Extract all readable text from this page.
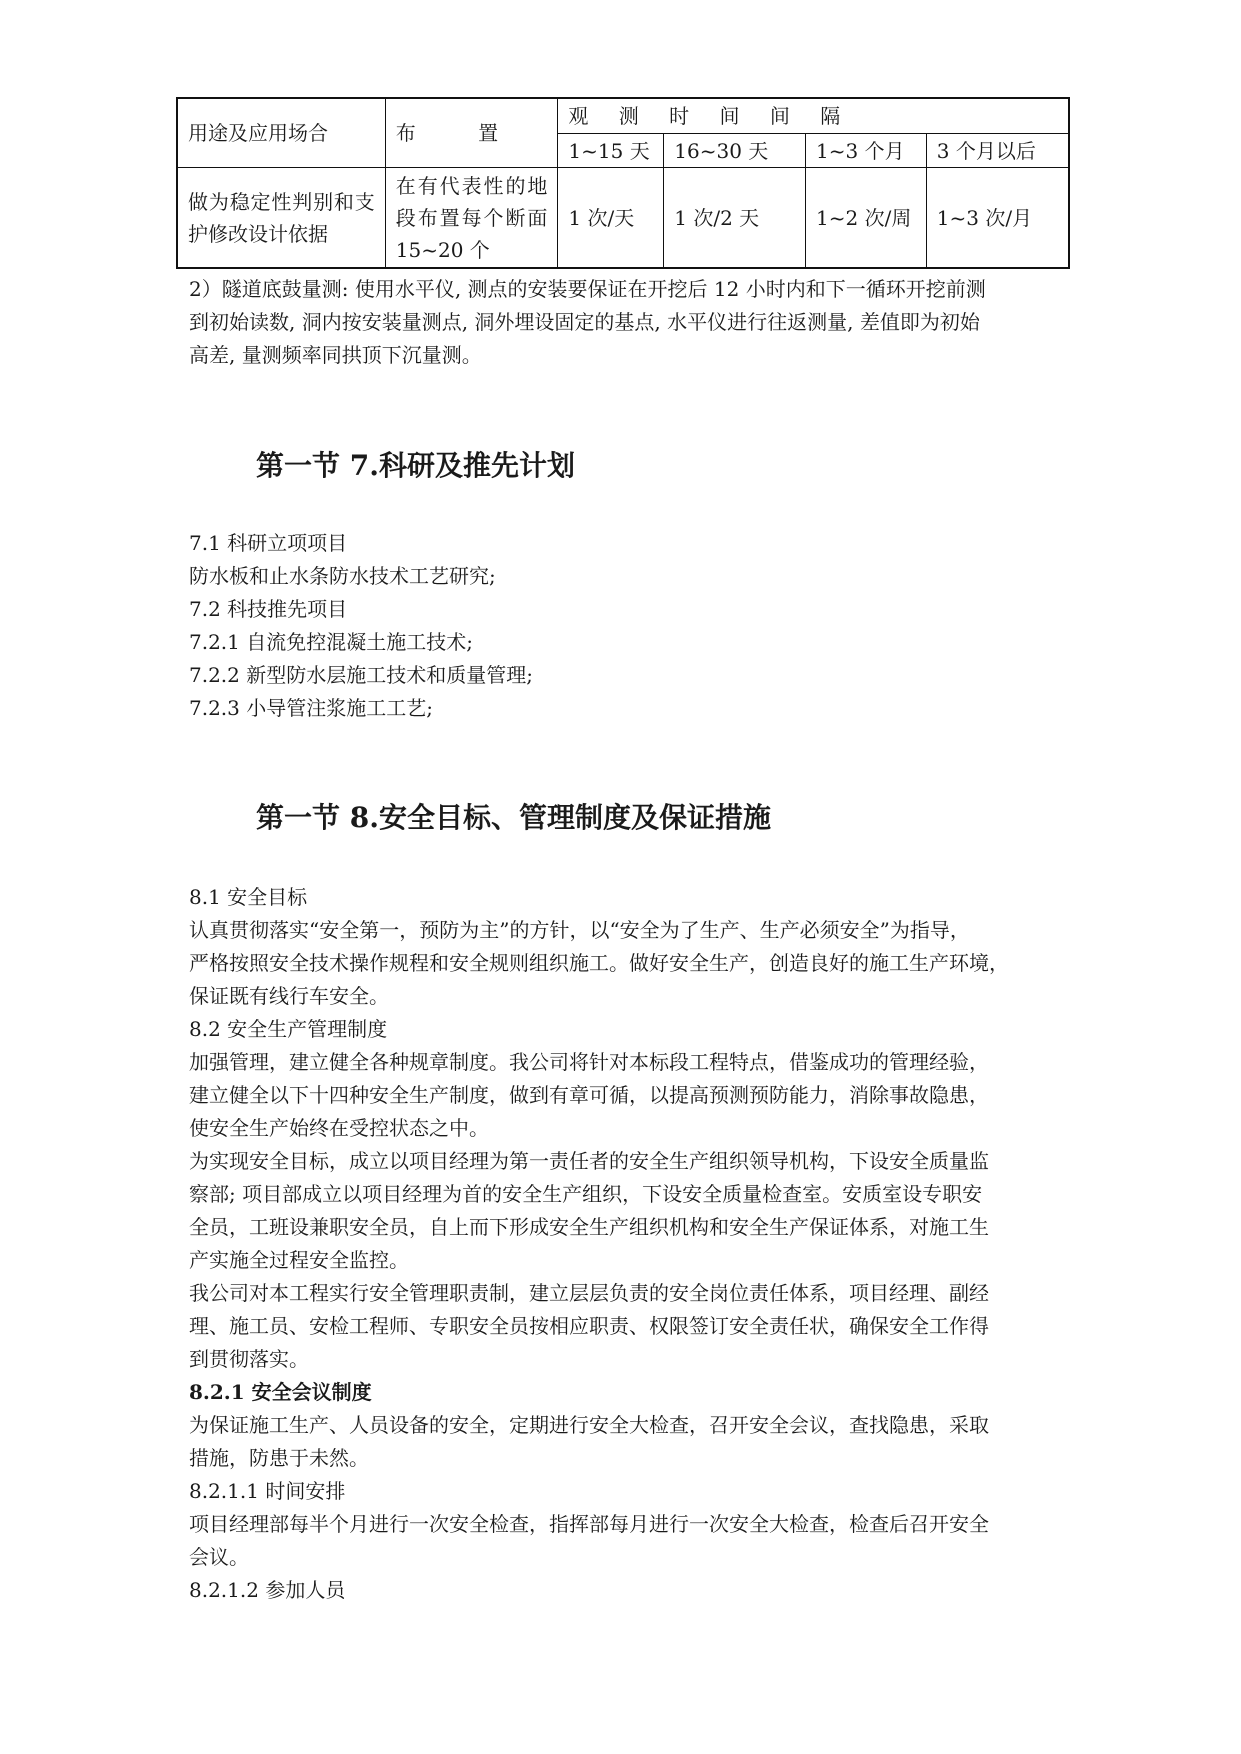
用途及应用场合	布 置	观 测 时 间 间 隔			
		1~15 天	16~30 天	1~3 个月	3 个月以后
做为稳定性判别和支护修改设计依据	在有代表性的地段布置每个断面 15~20 个	1 次/天	1 次/2 天	1~2 次/周	1~3 次/月

2）隧道底鼓量测: 使用水平仪, 测点的安装要保证在开挖后 12 小时内和下一循环开挖前测
到初始读数, 洞内按安装量测点, 洞外埋设固定的基点, 水平仪进行往返测量, 差值即为初始
高差, 量测频率同拱顶下沉量测。

第一节 7.科研及推先计划

7.1 科研立项项目

防水板和止水条防水技术工艺研究;

7.2 科技推先项目

7.2.1 自流免控混凝土施工技术;

7.2.2 新型防水层施工技术和质量管理;

7.2.3 小导管注浆施工工艺;

第一节 8.安全目标、管理制度及保证措施

8.1 安全目标

认真贯彻落实“安全第一，预防为主”的方针，以“安全为了生产、生产必须安全”为指导，
严格按照安全技术操作规程和安全规则组织施工。做好安全生产，创造良好的施工生产环境，
保证既有线行车安全。

8.2 安全生产管理制度

加强管理，建立健全各种规章制度。我公司将针对本标段工程特点，借鉴成功的管理经验，
建立健全以下十四种安全生产制度，做到有章可循，以提高预测预防能力，消除事故隐患，
使安全生产始终在受控状态之中。

为实现安全目标，成立以项目经理为第一责任者的安全生产组织领导机构，下设安全质量监
察部; 项目部成立以项目经理为首的安全生产组织，下设安全质量检查室。安质室设专职安
全员，工班设兼职安全员，自上而下形成安全生产组织机构和安全生产保证体系，对施工生
产实施全过程安全监控。

我公司对本工程实行安全管理职责制，建立层层负责的安全岗位责任体系，项目经理、副经
理、施工员、安检工程师、专职安全员按相应职责、权限签订安全责任状，确保安全工作得
到贯彻落实。

8.2.1 安全会议制度

为保证施工生产、人员设备的安全，定期进行安全大检查，召开安全会议，查找隐患，采取
措施，防患于未然。

8.2.1.1 时间安排

项目经理部每半个月进行一次安全检查，指挥部每月进行一次安全大检查，检查后召开安全
会议。

8.2.1.2 参加人员
